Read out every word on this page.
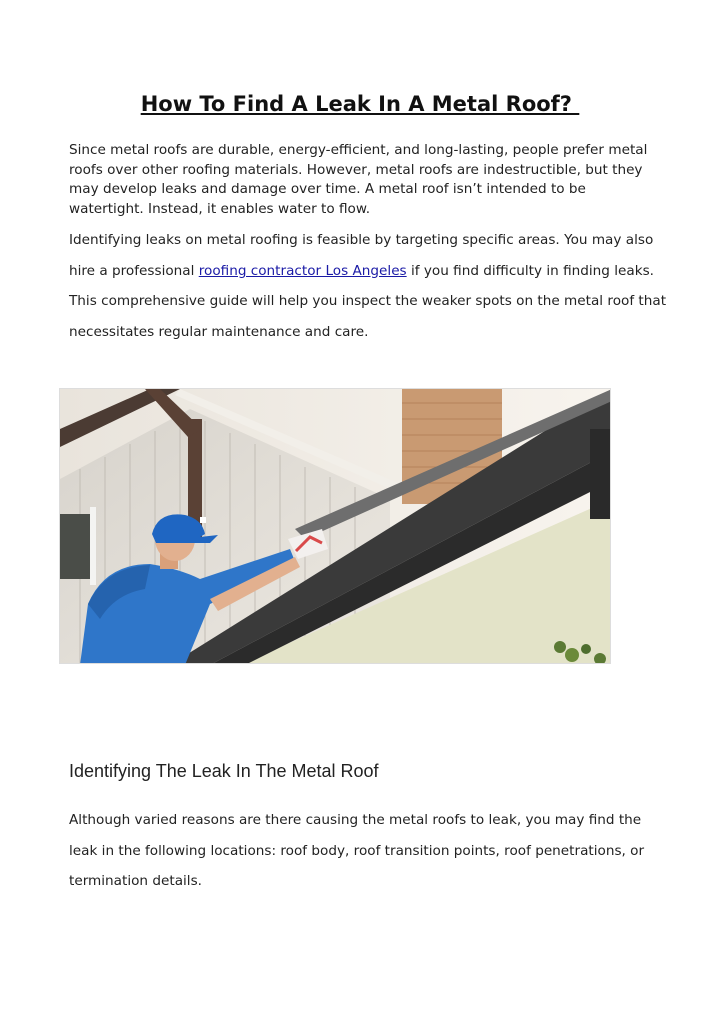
How To Find A Leak In A Metal Roof?

Since metal roofs are durable, energy-efficient, and long-lasting, people prefer metal roofs over other roofing materials. However, metal roofs are indestructible, but they may develop leaks and damage over time. A metal roof isn’t intended to be watertight. Instead, it enables water to flow.

Identifying leaks on metal roofing is feasible by targeting specific areas. You may also hire a professional roofing contractor Los Angeles if you find difficulty in finding leaks. This comprehensive guide will help you inspect the weaker spots on the metal roof that necessitates regular maintenance and care.

Identifying The Leak In The Metal Roof

Although varied reasons are there causing the metal roofs to leak, you may find the leak in the following locations: roof body, roof transition points, roof penetrations, or termination details.
